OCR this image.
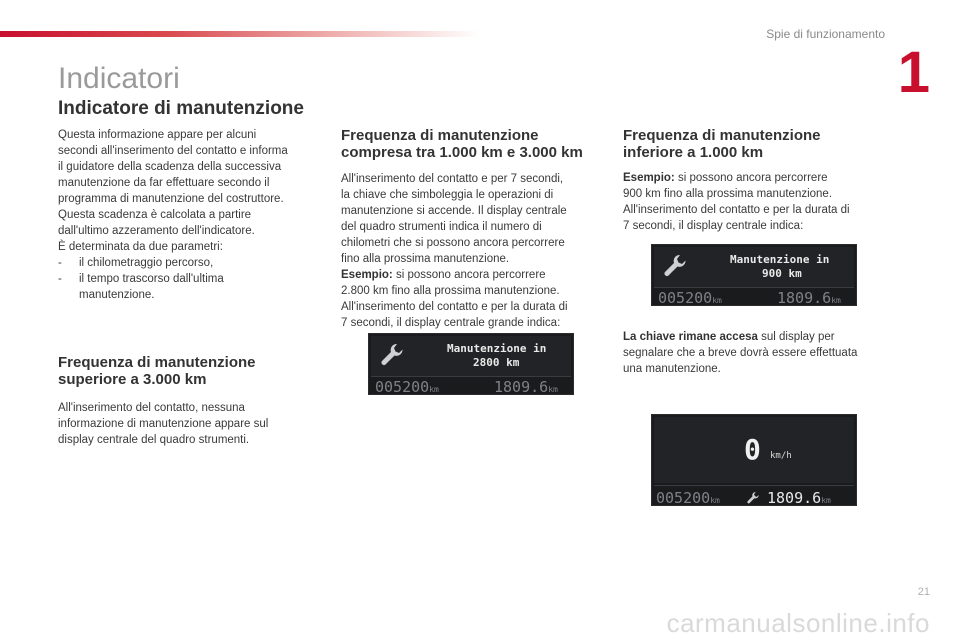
Spie di funzionamento
1
Indicatori
Indicatore di manutenzione
Questa informazione appare per alcuni
secondi all'inserimento del contatto e informa
il guidatore della scadenza della successiva
manutenzione da far effettuare secondo il
programma di manutenzione del costruttore.
Questa scadenza è calcolata a partire
dall'ultimo azzeramento dell'indicatore.
È determinata da due parametri:
-	il chilometraggio percorso,
-	il tempo trascorso dall'ultima
manutenzione.
Frequenza di manutenzione
superiore a 3.000 km
All'inserimento del contatto, nessuna
informazione di manutenzione appare sul
display centrale del quadro strumenti.
Frequenza di manutenzione
compresa tra 1.000 km e 3.000 km
All'inserimento del contatto e per 7 secondi,
la chiave che simboleggia le operazioni di
manutenzione si accende. Il display centrale
del quadro strumenti indica il numero di
chilometri che si possono ancora percorrere
fino alla prossima manutenzione.
Esempio: si possono ancora percorrere
2.800 km fino alla prossima manutenzione.
All'inserimento del contatto e per la durata di
7 secondi, il display centrale grande indica:
Manutenzione in
2800 km
005200km	1809.6km
Frequenza di manutenzione
inferiore a 1.000 km
Esempio: si possono ancora percorrere
900 km fino alla prossima manutenzione.
All'inserimento del contatto e per la durata di
7 secondi, il display centrale indica:
La chiave rimane accesa sul display per
segnalare che a breve dovrà essere effettuata
una manutenzione.
Manutenzione in
900 km
005200km	1809.6km
0 km/h
005200km	1809.6km
carmanualsonline.info
21
